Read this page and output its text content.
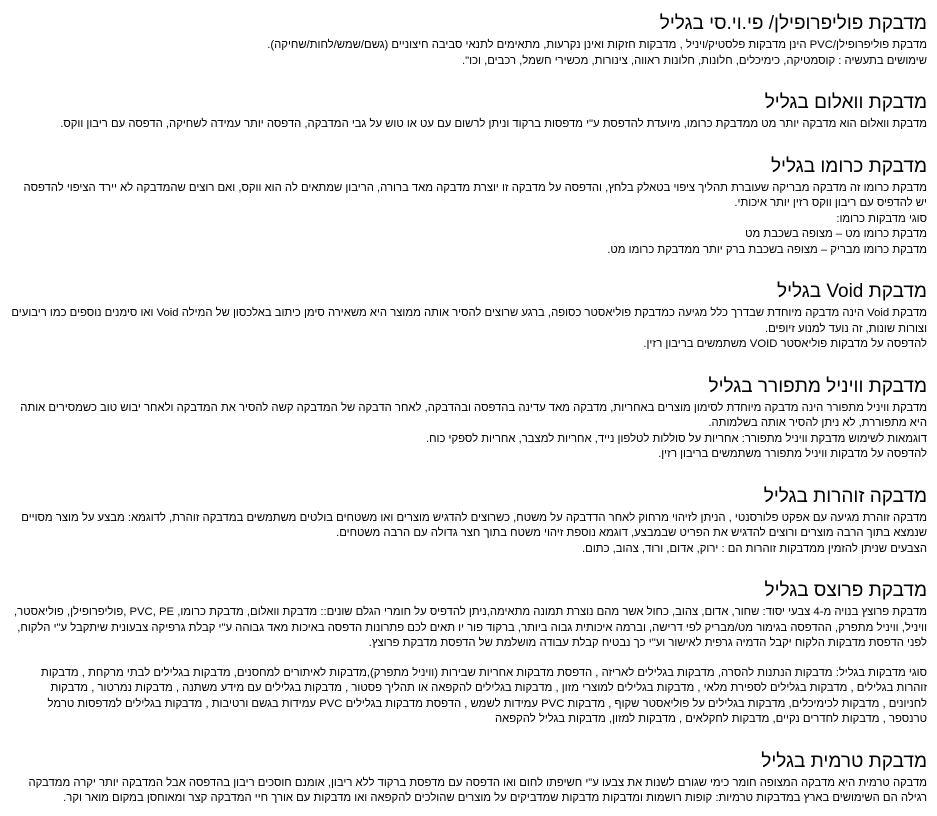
מדבקת פוליפרופילן/ פי.וי.סי בגליל

מדבקת פוליפרופילן/PVC הינן מדבקות פלסטיק/ויניל , מדבקות חזקות ואינן נקרעות, מתאימים לתנאי סביבה חיצוניים (גשם/שמש/לחות/שחיקה).

שימושים בתעשיה : קוסמטיקה, כימיכלים, חלונות, חלונות ראווה, צינורות, מכשירי חשמל, רכבים, וכו".

מדבקת וואלום בגליל

מדבקת וואלום הוא מדבקה יותר מט ממדבקת כרומו, מיועדת להדפסת ע"י מדפסות ברקוד וניתן לרשום עם עט או טוש על גבי המדבקה, הדפסה יותר עמידה לשחיקה, הדפסה עם ריבון ווקס.

מדבקת כרומו בגליל

מדבקת כרומו זה מדבקה מבריקה שעוברת תהליך ציפוי בטאלק בלחץ, והדפסה על מדבקה זו יוצרת מדבקה מאד ברורה, הריבון שמתאים לה הוא ווקס, ואם רוצים שהמדבקה לא יירד הציפוי להדפסה יש להדפיס עם ריבון ווקס רזין יותר איכותי.

סוגי מדבקות כרומו:

מדבקת כרומו מט – מצופה בשכבת מט

מדבקת כרומו מבריק – מצופה בשכבת ברק יותר ממדבקת כרומו מט.

מדבקת Void בגליל

מדבקת Void הינה מדבקה מיוחדת שבדרך כלל מגיעה כמדבקת פוליאסטר כסופה, ברגע שרוצים להסיר אותה ממוצר היא משאירה סימן כיתוב באלכסון של המילה Void ואו סימנים נוספים כמו ריבועים וצורות שונות, זה נועד למנוע זיופים.

להדפסה על מדבקות פוליאסטר VOID משתמשים בריבון רזין.

מדבקת וויניל מתפורר בגליל

מדבקת וויניל מתפורר הינה מדבקה מיוחדת לסימון מוצרים באחריות, מדבקה מאד עדינה בהדפסה ובהדבקה, לאחר הדבקה של המדבקה קשה להסיר את המדבקה ולאחר יבוש טוב כשמסירים אותה היא מתפוררת, לא ניתן להסיר אותה בשלמותה.

דוגמאות לשימוש מדבקת וויניל מתפורר: אחריות על סוללות לטלפון נייד, אחריות למצבר, אחריות לספקי כוח.

להדפסה על מדבקות וויניל מתפורר משתמשים בריבון רזין.

מדבקה זוהרות בגליל

מדבקה זוהרת מגיעה עם אפקט פלורסנטי , הניתן לזיהוי מרחוק לאחר הדדבקה על משטח, כשרוצים להדגיש מוצרים ואו משטחים בולטים משתמשים במדבקה זוהרת, לדוגמא: מבצע על מוצר מסויים שנמצא בתוך הרבה מוצרים ורוצים להדגיש את הפריט שבמבצע, דוגמא נוספת זיהוי משטח בתוך חצר גדולה עם הרבה משטחים.

הצבעים שניתן להזמין ממדבקות זוהרות הם : ירוק, אדום, ורוד, צהוב, כתום.

מדבקת פרוצס בגליל

מדבקת פרוצץ בנויה מ-4 צבעי יסוד: שחור, אדום, צהוב, כחול אשר מהם נוצרת תמונה מתאימה,ניתן להדפיס על חומרי הגלם שונים:: מדבקת וואלום, מדבקת כרומו, PVC, PE ,פוליפרופילן, פוליאסטר, וויניל, וויניל מתפרק, ההדפסה בגימור מט/מבריק לפי דרישה, וברמה איכותית גבוה ביותר, ברקוד פור יו תאים לכם פתרונות הדפסה באיכות מאד גבוהה ע"י קבלת גרפיקה צבעונית שיתקבל ע"י הלקוח, לפני הדפסת מדבקות הלקוח יקבל הדמיה גרפית לאישור וע"י כך נבטיח קבלת עבודה מושלמת של הדפסת מדבקת פרוצץ.

סוגי מדבקות בגליל: מדבקות הנתנות להסרה, מדבקות בגלילים לאריזה , הדפסת מדבקות אחריות שבירות (וויניל מתפרק),מדבקות לאיתורים למחסנים, מדבקות בגלילים לבתי מרקחת , מדבקות זוהרות בגלילים , מדבקות בגלילים לספירת מלאי , מדבקות בגלילים למוצרי מזון , מדבקות בגלילים להקפאה או תהליך פסטור , מדבקות בגלילים עם מידע משתנה , מדבקות נמרטור , מדבקות לחניונים , מדבקות לכימיכלים, מדבקות בגלילים על פוליאסטר שקוף , מדבקות PVC עמידות לשמש , הדפסת מדבקות בגלילים PVC עמידות בגשם ורטיבות , מדבקות בגלילים למדפסות טרמל טרנספר , מדבקות לחדרים נקיים, מדבקות לחקלאים , מדבקות למזון, מדבקות בגליל להקפאה

מדבקת טרמית בגליל

מדבקה טרמית היא מדבקה המצופה חומר כימי שגורם לשנות את צבעו ע"י חשיפתו לחום ואו הדפסה עם מדפסת ברקוד ללא ריבון, אומנם חוסכים ריבון בהדפסה אבל המדבקה יותר יקרה ממדבקה רגילה הם השימושים בארץ במדבקות טרמיות: קופות רושמות ומדבקות מדבקות שמדביקים על מוצרים שהולכים להקפאה ואו מדבקות עם אורך חיי המדבקה קצר ומאוחסן במקום מואר וקר.
